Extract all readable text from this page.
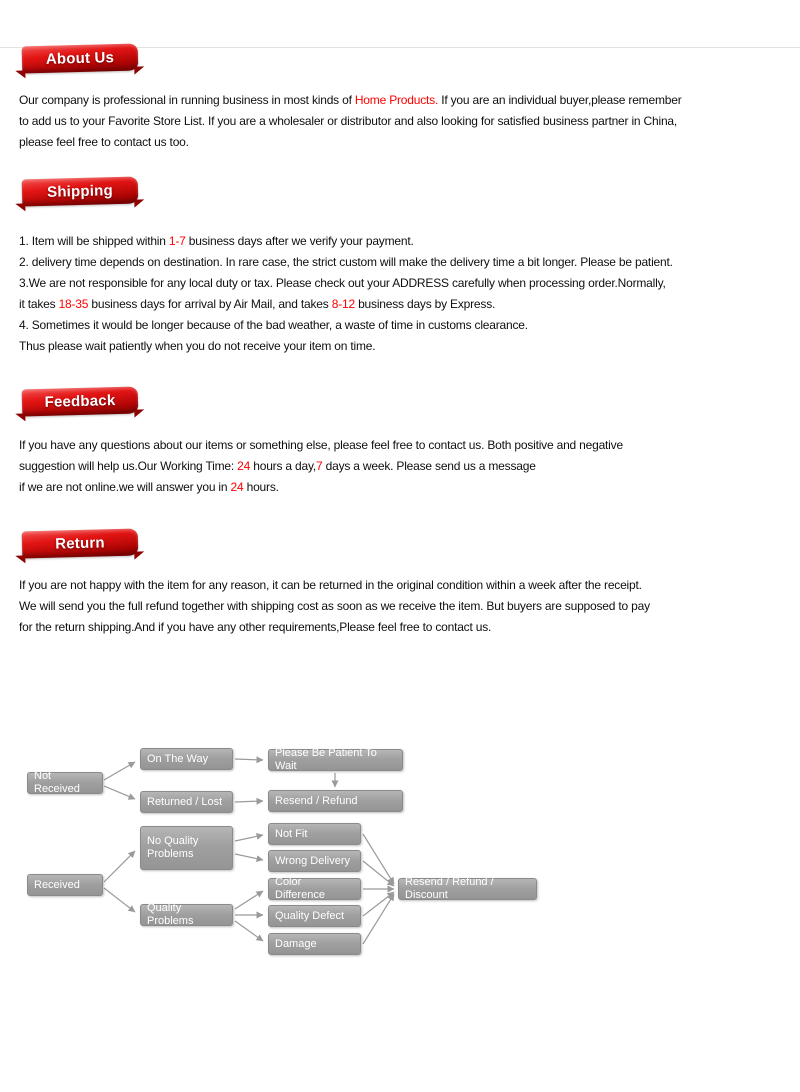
About Us
Our company is professional in running business in most kinds of Home Products. If you are an individual buyer,please remember
to add us to your Favorite Store List. If you are a wholesaler or distributor and also looking for satisfied business partner in China,
please feel free to contact us too.
Shipping
1. Item will be shipped within 1-7 business days after we verify your payment.
2. delivery time depends on destination. In rare case, the strict custom will make the delivery time a bit longer. Please be patient.
3.We are not responsible for any local duty or tax. Please check out your ADDRESS carefully when processing order.Normally,
it takes 18-35 business days for arrival by Air Mail, and takes 8-12 business days by Express.
4. Sometimes it would be longer because of the bad weather, a waste of time in customs clearance.
Thus please wait patiently when you do not receive your item on time.
Feedback
If you have any questions about our items or something else, please feel free to contact us. Both positive and negative
suggestion will help us.Our Working Time: 24 hours a day,7 days a week. Please send us a message
if we are not online.we will answer you in 24 hours.
Return
If you are not happy with the item for any reason, it can be returned in the original condition within a week after the receipt.
We will send you the full refund together with shipping cost as soon as we receive the item. But buyers are supposed to pay
for the return shipping.And if you have any other requirements,Please feel free to contact us.
Not Received
On The Way
Returned / Lost
Please Be Patient To Wait
Resend / Refund
No Quality Problems
Received
Quality Problems
Not Fit
Wrong Delivery
Color Difference
Quality Defect
Damage
Resend / Refund / Discount
